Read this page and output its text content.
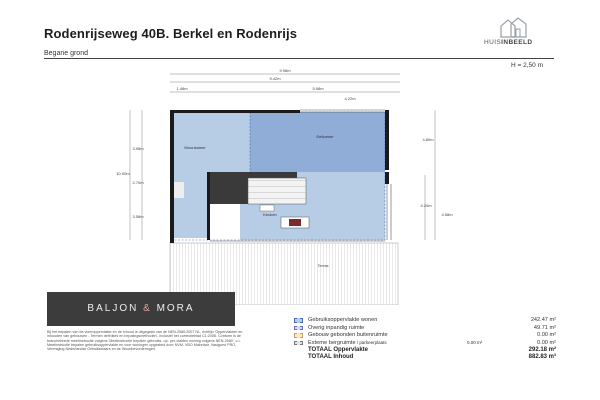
Rodenrijseweg 40B. Berkel en Rodenrijs
Begane grond
H = 2,50 m
HUISINBEELD
9.98m
9.42m
1.48m	5.98m
4.22m
3.98m
10.00m
2.70m
3.58m
4.80m
4.20m
4.58m
Woonkamer
Eetkamer
Keuken
Terras
BALJON & MORA
Bij het bepalen van de vloeroppervlakte en de inhoud is uitgegaan van de NEN-2580:2007 NL, richtlijn 'Oppervlakten en inhouden van gebouwen - Termen definities en bepalingsmethoden', inclusief het correctieblad C1:2008. Conform is de branchebrede meetinstructie volgens 'Meetinstructie bepalen gebruiks- op- per-vlakten woning volgens NEN-2580', o.i. Meetinstructie bepalen gebruiksoppervlakte en voor woningen opgesteld door NVM, VBO Makelaar, Vastgoed PRO, Vereniging Nederlandse Ontwikkelaars en de Woonbevorderingen.
Gebruiksoppervlakte wonen	242.47 m²
Overig inpandig ruimte	49.71 m²
Gebouw gebonden buitenruimte	0.00 m²
Externe bergruimte / parkeerplaats	0.00 m²
0.00 m²
TOTAAL Oppervlakte	292.18 m²
TOTAAL Inhoud	882.83 m³
